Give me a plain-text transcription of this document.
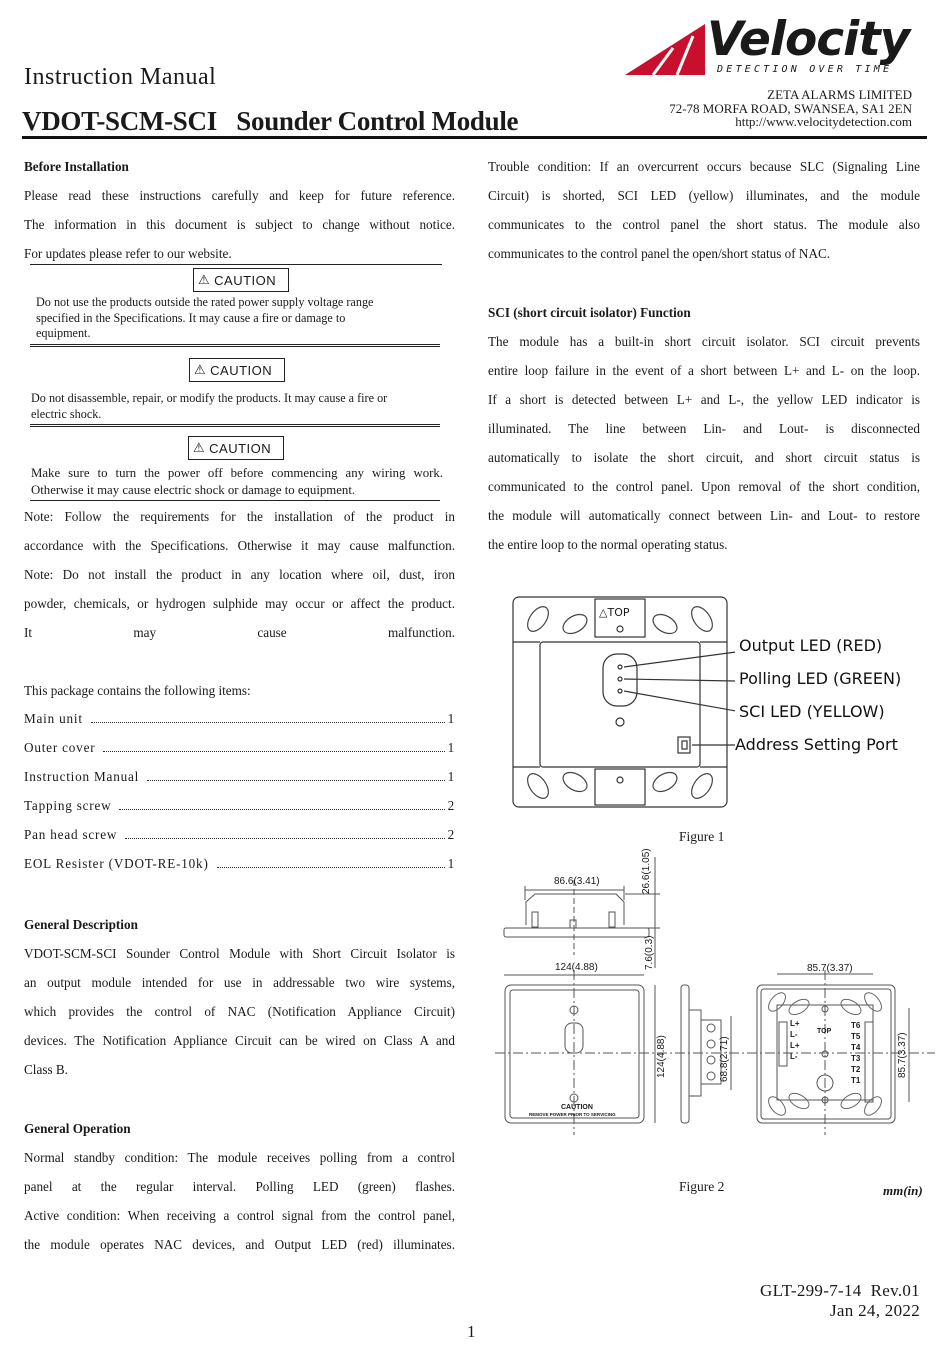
Instruction Manual
VDOT-SCM-SCI   Sounder Control Module
Velocity
DETECTION OVER TIME
ZETA ALARMS LIMITED
72-78 MORFA ROAD, SWANSEA, SA1 2EN
http://www.velocitydetection.com
Before Installation
Please read these instructions carefully and keep for future reference.
The information in this document is subject to change without notice.
For updates please refer to our website.
⚠ CAUTION
Do not use the products outside the rated power supply voltage range
specified in the Specifications. It may cause a fire or damage to
equipment.
⚠ CAUTION
Do not disassemble, repair, or modify the products. It may cause a fire or
electric shock.
⚠ CAUTION
Make sure to turn the power off before commencing any wiring work.
Otherwise it may cause electric shock or damage to equipment.
Note: Follow the requirements for the installation of the product in
accordance with the Specifications. Otherwise it may cause malfunction.
Note: Do not install the product in any location where oil, dust, iron
powder, chemicals, or hydrogen sulphide may occur or affect the product.
It may cause malfunction.
This package contains the following items:
Main unit	1
Outer cover	1
Instruction Manual	1
Tapping screw	2
Pan head screw	2
EOL Resister (VDOT-RE-10k)	1
General Description
VDOT-SCM-SCI Sounder Control Module with Short Circuit Isolator is
an output module intended for use in addressable two wire systems,
which provides the control of NAC (Notification Appliance Circuit)
devices. The Notification Appliance Circuit can be wired on Class A and
Class B.
General Operation
Normal standby condition: The module receives polling from a control
panel at the regular interval. Polling LED (green) flashes.
Active condition: When receiving a control signal from the control panel,
the module operates NAC devices, and Output LED (red) illuminates.
Trouble condition: If an overcurrent occurs because SLC (Signaling Line
Circuit) is shorted, SCI LED (yellow) illuminates, and the module
communicates to the control panel the short status. The module also
communicates to the control panel the open/short status of NAC.
SCI (short circuit isolator) Function
The module has a built-in short circuit isolator. SCI circuit prevents
entire loop failure in the event of a short between L+ and L- on the loop.
If a short is detected between L+ and L-, the yellow LED indicator is
illuminated. The line between Lin- and Lout- is disconnected
automatically to isolate the short circuit, and short circuit status is
communicated to the control panel. Upon removal of the short condition,
the module will automatically connect between Lin- and Lout- to restore
the entire loop to the normal operating status.
△TOP
Output LED (RED)
Polling LED (GREEN)
SCI LED (YELLOW)
Address Setting Port
Figure 1
86.6(3.41)	26.6(1.05)
7.6(0.3)
124(4.88)
124(4.88)	68.8(2.71)
85.7(3.37)
85.7(3.37)
L+
L-
L+
L-
T6
T5
T4
T3
T2
T1
TOP
CAUTION
REMOVE POWER PRIOR TO SERVICING
Figure 2	mm(in)
GLT-299-7-14  Rev.01
Jan 24, 2022
1
